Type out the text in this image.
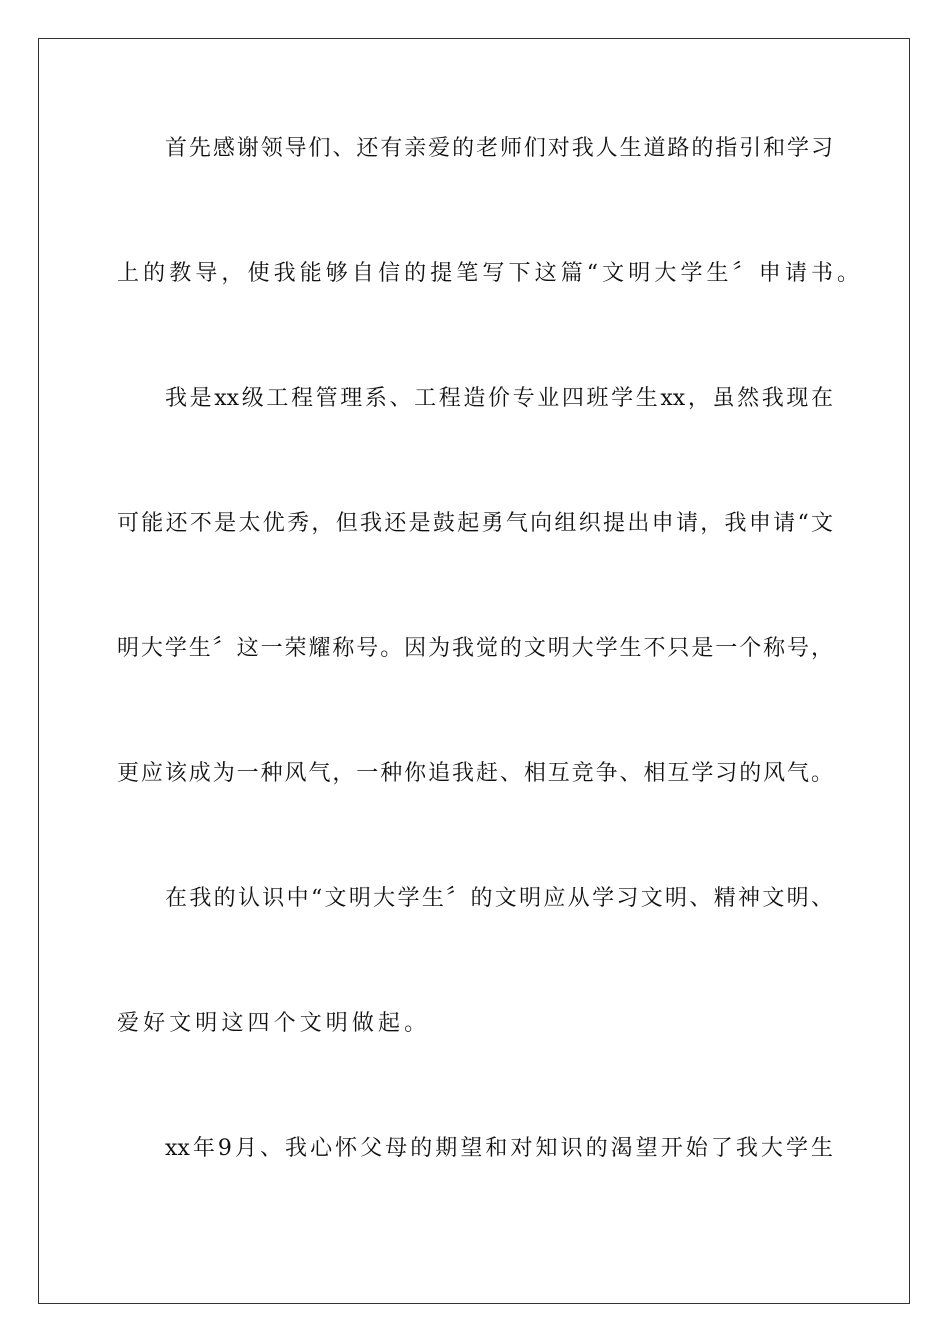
首先感谢领导们、还有亲爱的老师们对我人生道路的指引和学习
上的教导，使我能够自信的提笔写下这篇“文明大学生〞申请书。
我是xx级工程管理系、工程造价专业四班学生xx，虽然我现在
可能还不是太优秀，但我还是鼓起勇气向组织提出申请，我申请“文
明大学生〞这一荣耀称号。因为我觉的文明大学生不只是一个称号，
更应该成为一种风气，一种你追我赶、相互竞争、相互学习的风气。
在我的认识中“文明大学生〞的文明应从学习文明、精神文明、
爱好文明这四个文明做起。
xx年9月、我心怀父母的期望和对知识的渴望开始了我大学生
